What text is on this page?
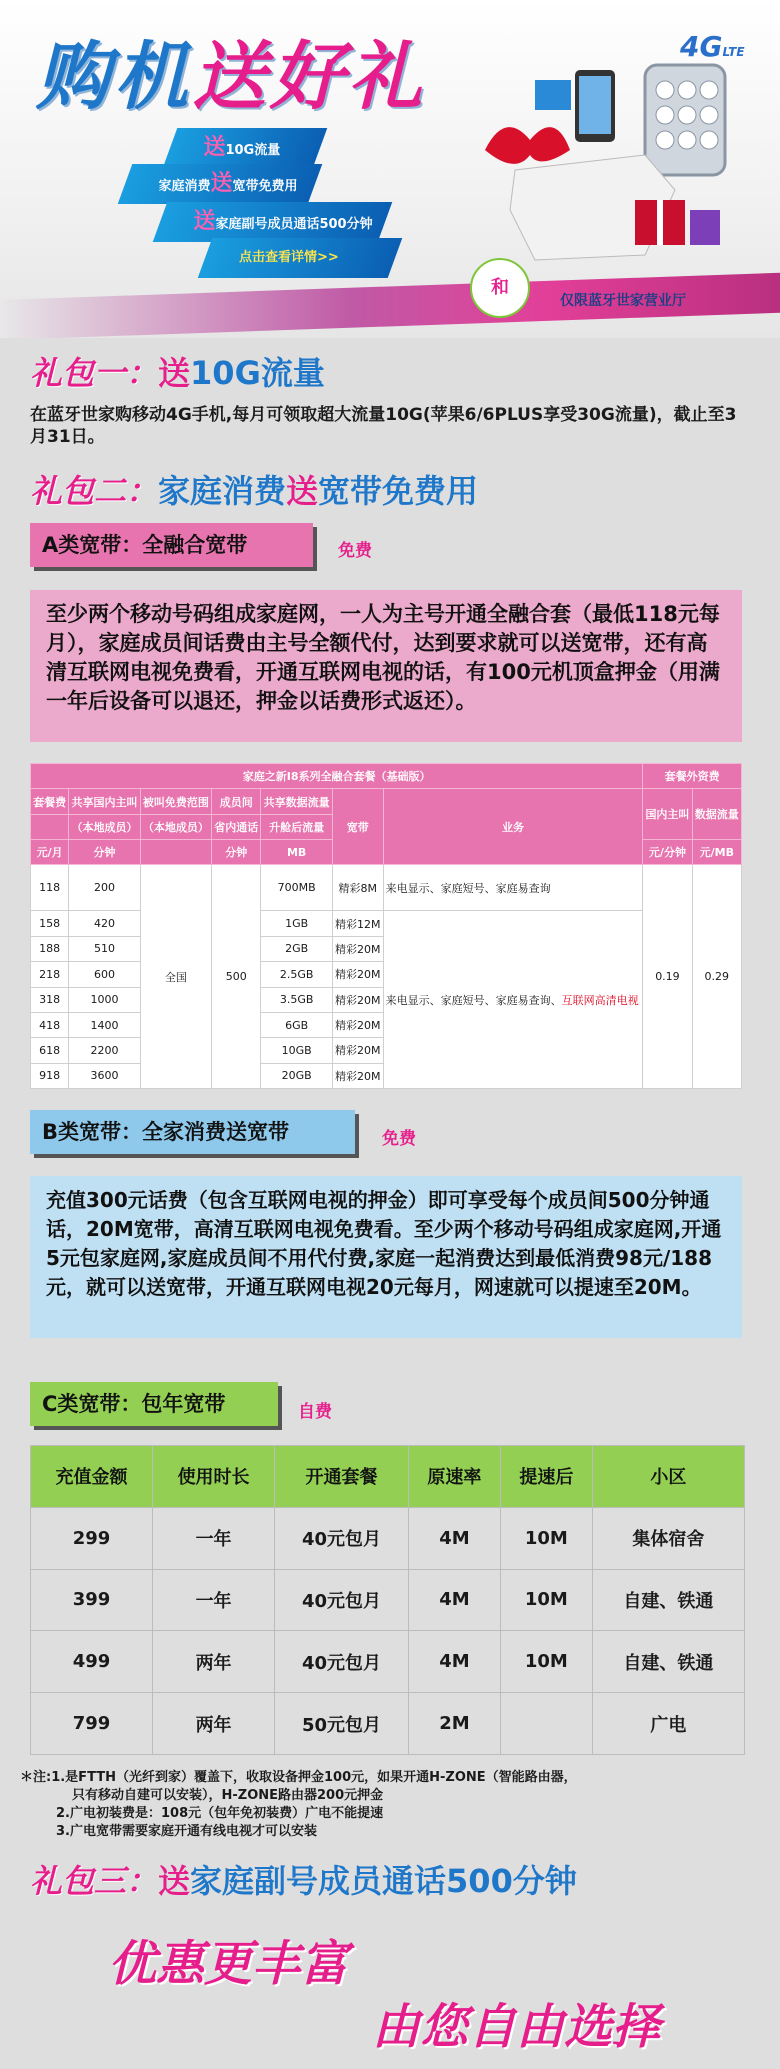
购机送好礼	4GLTE
送10G流量
家庭消费送宽带免费用
送家庭副号成员通话500分钟
点击查看详情>>
和
仅限蓝牙世家营业厅
礼包一：送10G流量
在蓝牙世家购移动4G手机,每月可领取超大流量10G(苹果6/6PLUS享受30G流量)，截止至3月31日。
礼包二：家庭消费送宽带免费用
A类宽带：全融合宽带	免费
至少两个移动号码组成家庭网，一人为主号开通全融合套（最低118元每月），家庭成员间话费由主号全额代付，达到要求就可以送宽带，还有高清互联网电视免费看，开通互联网电视的话，有100元机顶盒押金（用满一年后设备可以退还，押金以话费形式返还）。
家庭之新I8系列全融合套餐（基础版）							套餐外资费	
套餐费	共享国内主叫	被叫免费范围	成员间	共享数据流量	宽带	业务	国内主叫	数据流量
	（本地成员）	（本地成员）	省内通话	升舱后流量				
元/月	分钟		分钟	MB			元/分钟	元/MB
118	200	全国	500	700MB	精彩8M	来电显示、家庭短号、家庭易查询	0.19	0.29
158	420			1GB	精彩12M	来电显示、家庭短号、家庭易查询、互联网高清电视		
188	510			2GB	精彩20M			
218	600			2.5GB	精彩20M			
318	1000			3.5GB	精彩20M			
418	1400			6GB	精彩20M			
618	2200			10GB	精彩20M			
918	3600			20GB	精彩20M			
B类宽带：全家消费送宽带	免费
充值300元话费（包含互联网电视的押金）即可享受每个成员间500分钟通话，20M宽带，高清互联网电视免费看。至少两个移动号码组成家庭网,开通5元包家庭网,家庭成员间不用代付费,家庭一起消费达到最低消费98元/188元，就可以送宽带，开通互联网电视20元每月，网速就可以提速至20M。
C类宽带：包年宽带	自费
充值金额	使用时长	开通套餐	原速率	提速后	小区
299	一年	40元包月	4M	10M	集体宿舍
399	一年	40元包月	4M	10M	自建、铁通
499	两年	40元包月	4M	10M	自建、铁通
799	两年	50元包月	2M		广电
＊注:1.是FTTH（光纤到家）覆盖下，收取设备押金100元，如果开通H-ZONE（智能路由器，
只有移动自建可以安装），H-ZONE路由器200元押金
2.广电初装费是：108元（包年免初装费）广电不能提速
3.广电宽带需要家庭开通有线电视才可以安装
礼包三：送家庭副号成员通话500分钟
优惠更丰富
由您自由选择
